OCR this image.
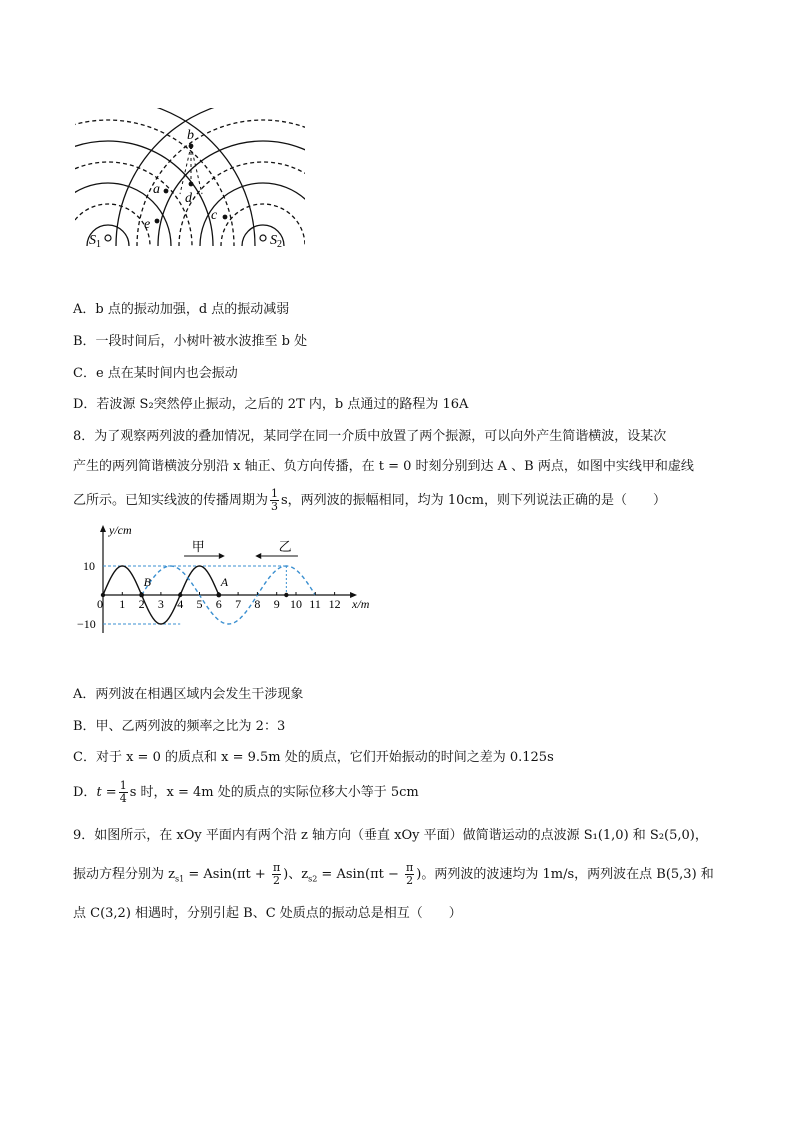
b
a
d
c
e
$S_1$	$S_2$
A．b 点的振动加强，d 点的振动减弱
B．一段时间后，小树叶被水波推至 b 处
C．e 点在某时间内也会振动
D．若波源 S₂突然停止振动，之后的 2T 内，b 点通过的路程为 16A
8．为了观察两列波的叠加情况，某同学在同一介质中放置了两个振源，可以向外产生简谐横波，设某次
产生的两列简谐横波分别沿 x 轴正、负方向传播，在 t = 0 时刻分别到达 A 、B 两点，如图中实线甲和虚线
乙所示。已知实线波的传播周期为 $\frac{1}{3}$ s，两列波的振幅相同，均为 10cm，则下列说法正确的是（　　）
0 1 2 3 4 5 6 7 8 9 10 11 12
10
−10
y/cm
x/m
A
B
甲	乙
A．两列波在相遇区域内会发生干涉现象
B．甲、乙两列波的频率之比为 2：3
C．对于 x = 0 的质点和 x = 9.5m 处的质点，它们开始振动的时间之差为 0.125s
D．$t = \frac{1}{4}$ s 时，x = 4m 处的质点的实际位移大小等于 5cm
9．如图所示，在 xOy 平面内有两个沿 z 轴方向（垂直 xOy 平面）做简谐运动的点波源 S₁(1,0) 和 S₂(5,0)，
振动方程分别为 $z_{s1} = Asin(\pi t + \frac{\pi}{2}$ )、$z_{s2} = Asin(\pi t - \frac{\pi}{2}$ )。两列波的波速均为 1m/s，两列波在点 B(5,3) 和
点 C(3,2) 相遇时，分别引起 B、C 处质点的振动总是相互（　　）
